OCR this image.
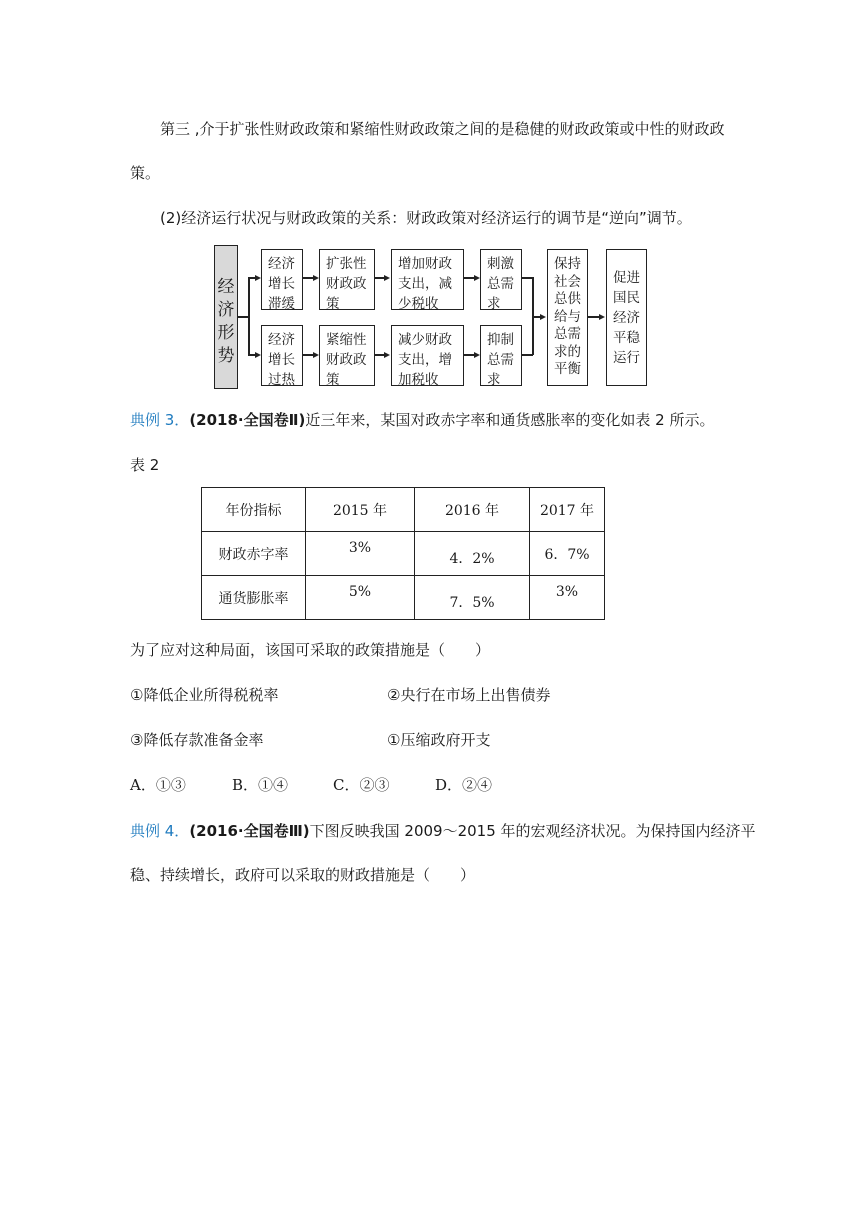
第三 ,介于扩张性财政政策和紧缩性财政政策之间的是稳健的财政政策或中性的财政政
策。
(2)经济运行状况与财政政策的关系：财政政策对经济运行的调节是“逆向”调节。
经
济
形
势
经济
增长
滞缓
扩张性
财政政
策
增加财政
支出，减
少税收
刺激
总需
求
经济
增长
过热
紧缩性
财政政
策
减少财政
支出，增
加税收
抑制
总需
求
保持
社会
总供
给与
总需
求的
平衡
促进
国民
经济
平稳
运行
典例 3．(2018·全国卷Ⅱ)近三年来，某国对政赤字率和通货感胀率的变化如表 2 所示。
表 2
年份指标	2015 年	2016 年	2017 年
财政赤字率	3%	4．2%	6．7%
通货膨胀率	5%	7．5%	3%
为了应对这种局面，该国可采取的政策措施是（　　）
①降低企业所得税税率	②央行在市场上出售债券
③降低存款准备金率	①压缩政府开支
A．①③	B．①④	C．②③	D．②④
典例 4．(2016·全国卷Ⅲ)下图反映我国 2009～2015 年的宏观经济状况。为保持国内经济平
稳、持续增长，政府可以采取的财政措施是（　　）
